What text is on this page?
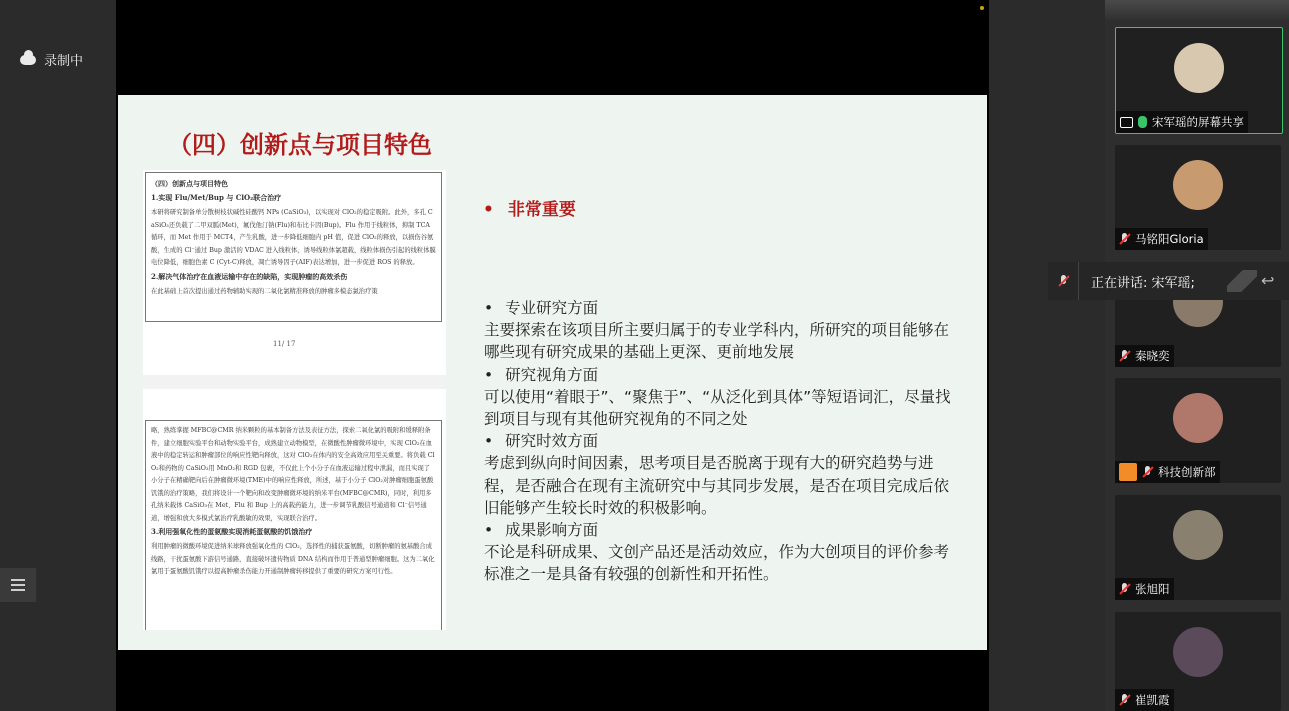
录制中
（四）创新点与项目特色
（四）创新点与项目特色
1.实现 Flu/Met/Bup 与 ClO₂联合治疗

本研将研究制备单分散树枝状碱性硅酸钙 NPs (CaSiO₃)，以实现对 ClO₂的稳定吸附。此外，多孔 CaSiO₃还负载了二甲双胍(Met)，氟伐他汀钠(Flu)和布比卡因(Bup)。Flu 作用于线粒体，抑制 TCA 循环，而 Met 作用于 MCT4，产生乳酸，进一步降低细胞内 pH 值，促进 ClO₂的释放，以损伤谷氨酸，生成的 Cl⁻通过 Bup 激活的 VDAC 进入线粒体，诱导线粒体氯超载，线粒体损伤引起的线粒体膜电位降低，细胞色素 C (Cyt-C)释放，凋亡诱导因子(AIF)表达增加，进一步促进 ROS 的释放。

2.解决气体治疗在血液运输中存在的缺陷，实现肿瘤的高效杀伤

在此基础上首次提出通过药物辅助实现的二氧化氯精准释放的肿瘤多模态氯治疗策

11/ 17

略，熟练掌握 MFBC@CMR 纳米颗粒的基本制备方法及表征方法，探索二氧化氯的吸附和缓释附条件，建立细胞实验平台和动物实验平台，成熟建立动物模型，在微酸性肿瘤微环境中，实现 ClO₂在血液中的稳定转运和肿瘤部位的响应性靶向释放，这对 ClO₂在体内的安全高效应用至关重要。将负载 ClO₂和药物的 CaSiO₃用 MnO₂和 RGD 包裹，不仅此上个小分子在血液运输过程中泄漏，而且实现了小分子在精确靶向后在肿瘤微环境(TME)中的响应性释放，所述，基于小分子 ClO₂对肿瘤细胞蛋氨酸饥饿的治疗策略，我们将设计一个靶向和改变肿瘤微环境的纳米平台(MFBC@CMR)，同时，利用多孔纳米载体 CaSiO₃在 Met、Flu 和 Bup 上的高载药能力，进一步调节乳酸信号通道和 Cl⁻信号通道，增强和放大多模式氯治疗乳酸敏的效果，实现联合治疗。

3.利用强氧化性的蛋氨酸实现消耗蛋氨酸的饥饿治疗

利用肿瘤的微酸环境促进纳米球释放强氧化性的 ClO₂，选择性的捕获蛋氨酸，切断肿瘤的氨基酸合成线路，干扰蛋氨酸下游信号通路，直接破坏遗传物质 DNA 结构而作用于普通型肿瘤细胞。这为二氧化氯用于蛋氨酸饥饿疗以提高肿瘤杀伤能力开通制肿瘤转移提供了重要的研究方案可行性。

• 非常重要
• 专业研究方面
主要探索在该项目所主要归属于的专业学科内，所研究的项目能够在哪些现有研究成果的基础上更深、更前地发展
• 研究视角方面
可以使用“着眼于”、“聚焦于”、“从泛化到具体”等短语词汇，尽量找到项目与现有其他研究视角的不同之处
• 研究时效方面
考虑到纵向时间因素，思考项目是否脱离于现有大的研究趋势与进程，是否融合在现有主流研究中与其同步发展，是否在项目完成后依旧能够产生较长时效的积极影响。
• 成果影响方面
不论是科研成果、文创产品还是活动效应，作为大创项目的评价参考标准之一是具备有较强的创新性和开拓性。
宋军瑶的屏幕共享
马铭阳Gloria
秦晓奕
科技创新部
张旭阳
崔凯霞
正在讲话: 宋军瑶;	↩
